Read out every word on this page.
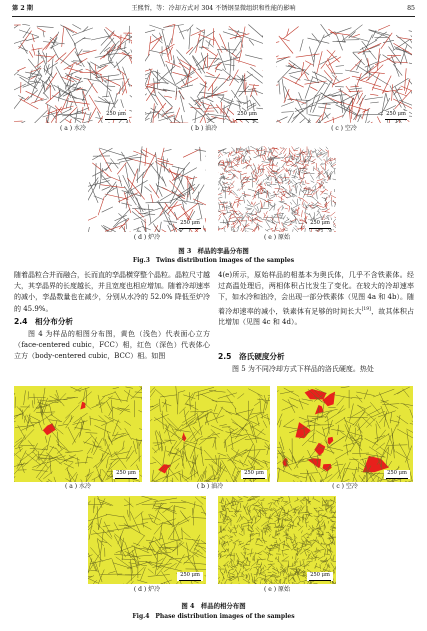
第 2 期	王熙哲，等：冷却方式对 304 不锈钢显微组织和性能的影响	85
250 μm	250 μm	250 μm
( a ) 水冷	( b ) 油冷	( c ) 空冷
250 μm	250 μm
( d ) 炉冷	( e ) 原始
图 3　样品的孪晶分布图
Fig.3　Twins distribution images of the samples

随着晶粒合并而融合，长而直的孪晶横穿整个晶粒。晶粒尺寸越大，其孪晶界的长度越长，并且宽度也相应增加。随着冷却速率的减小，孪晶数量也在减少，分别从水冷的 52.0% 降低至炉冷的 45.9%。

2.4　相分布分析
图 4 为样品的相图分布图，黄色（浅色）代表面心立方（face-centered cubic，FCC）相，红色（深色）代表体心立方（body-centered cubic，BCC）相。如图

4(e)所示，原始样品的相基本为奥氏体，几乎不含铁素体。经过高温处理后，两相体积占比发生了变化。在较大的冷却速率下，如水冷和油冷，会出现一部分铁素体（见图 4a 和 4b）。随着冷却速率的减小，铁素体有足够的时间长大[19]，故其体积占比增加（见图 4c 和 4d）。

2.5　洛氏硬度分析
图 5 为不同冷却方式下样品的洛氏硬度。热处
250 μm	250 μm	250 μm
( a ) 水冷	( b ) 油冷	( c ) 空冷
250 μm	250 μm
( d ) 炉冷	( e ) 原始
图 4　样品的相分布图
Fig.4　Phase distribution images of the samples
